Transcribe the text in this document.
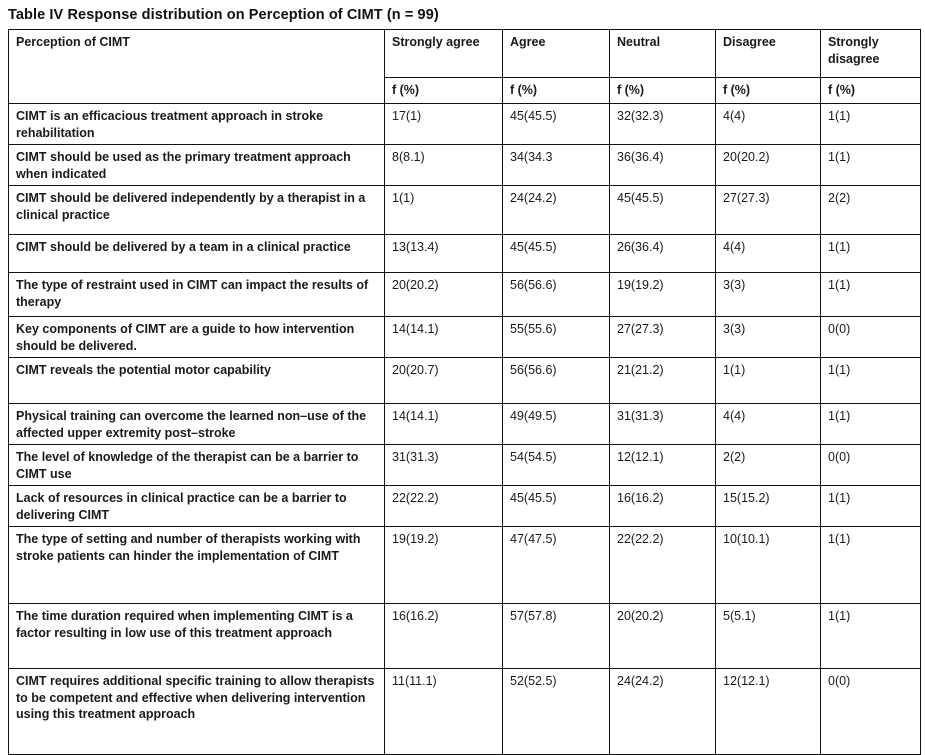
Table IV Response distribution on Perception of CIMT (n = 99)
Perception of CIMT	Strongly agree	Agree	Neutral	Disagree	Strongly disagree
	f (%)	f (%)	f (%)	f (%)	f (%)
CIMT is an efficacious treatment approach in stroke rehabilitation	17(1)	45(45.5)	32(32.3)	4(4)	1(1)
CIMT should be used as the primary treatment approach when indicated	8(8.1)	34(34.3	36(36.4)	20(20.2)	1(1)
CIMT should be delivered independently by a therapist in a clinical practice	1(1)	24(24.2)	45(45.5)	27(27.3)	2(2)
CIMT should be delivered by a team in a clinical practice	13(13.4)	45(45.5)	26(36.4)	4(4)	1(1)
The type of restraint used in CIMT can impact the results of therapy	20(20.2)	56(56.6)	19(19.2)	3(3)	1(1)
Key components of CIMT are a guide to how intervention should be delivered.	14(14.1)	55(55.6)	27(27.3)	3(3)	0(0)
CIMT reveals the potential motor capability	20(20.7)	56(56.6)	21(21.2)	1(1)	1(1)
Physical training can overcome the learned non–use of the affected upper extremity post–stroke	14(14.1)	49(49.5)	31(31.3)	4(4)	1(1)
The level of knowledge of the therapist can be a barrier to CIMT use	31(31.3)	54(54.5)	12(12.1)	2(2)	0(0)
Lack of resources in clinical practice can be a barrier to delivering CIMT	22(22.2)	45(45.5)	16(16.2)	15(15.2)	1(1)
The type of setting and number of therapists working with stroke patients can hinder the implementation of CIMT	19(19.2)	47(47.5)	22(22.2)	10(10.1)	1(1)
The time duration required when implementing CIMT is a factor resulting in low use of this treatment approach	16(16.2)	57(57.8)	20(20.2)	5(5.1)	1(1)
CIMT requires additional specific training to allow therapists to be competent and effective when delivering intervention using this treatment approach	11(11.1)	52(52.5)	24(24.2)	12(12.1)	0(0)
